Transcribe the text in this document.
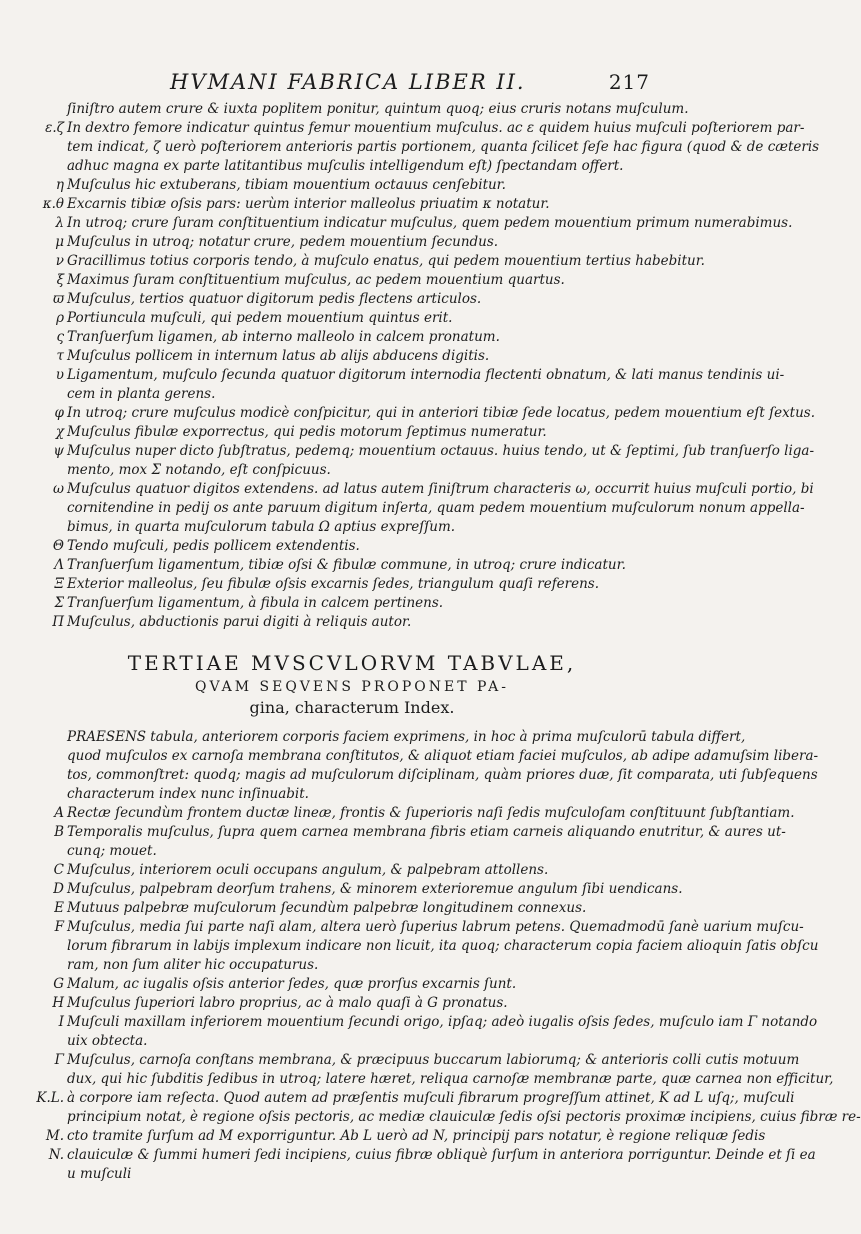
HVMANI FABRICA LIBER II.	217
ſiniſtro autem crure & iuxta poplitem ponitur, quintum quoq; eius cruris notans muſculum.
ε.ζ In dextro femore indicatur quintus femur mouentium muſculus. ac ε quidem huius muſculi poſteriorem par-
tem indicat, ζ uerò poſteriorem anterioris partis portionem, quanta ſcilicet ſeſe hac figura (quod & de cæteris
adhuc magna ex parte latitantibus muſculis intelligendum eſt) ſpectandam offert.
η Muſculus hic extuberans, tibiam mouentium octauus cenſebitur.
κ.θ Excarnis tibiæ oſsis pars: uerùm interior malleolus priuatim κ notatur.
λ In utroq; crure ſuram conſtituentium indicatur muſculus, quem pedem mouentium primum numerabimus.
μ Muſculus in utroq; notatur crure, pedem mouentium ſecundus.
ν Gracillimus totius corporis tendo, à muſculo enatus, qui pedem mouentium tertius habebitur.
ξ Maximus ſuram conſtituentium muſculus, ac pedem mouentium quartus.
ϖ Muſculus, tertios quatuor digitorum pedis flectens articulos.
ρ Portiuncula muſculi, qui pedem mouentium quintus erit.
ς Tranſuerſum ligamen, ab interno malleolo in calcem pronatum.
τ Muſculus pollicem in internum latus ab alijs abducens digitis.
υ Ligamentum, muſculo ſecunda quatuor digitorum internodia flectenti obnatum, & lati manus tendinis ui-
cem in planta gerens.
φ In utroq; crure muſculus modicè conſpicitur, qui in anteriori tibiæ ſede locatus, pedem mouentium eſt ſextus.
χ Muſculus fibulæ exporrectus, qui pedis motorum ſeptimus numeratur.
ψ Muſculus nuper dicto ſubſtratus, pedemq; mouentium octauus. huius tendo, ut & ſeptimi, ſub tranſuerſo liga-
mento, mox Σ notando, eſt conſpicuus.
ω Muſculus quatuor digitos extendens. ad latus autem ſiniſtrum characteris ω, occurrit huius muſculi portio, bi
cornitendine in pedij os ante paruum digitum inſerta, quam pedem mouentium muſculorum nonum appella-
bimus, in quarta muſculorum tabula Ω aptius expreſſum.
Θ Tendo muſculi, pedis pollicem extendentis.
Λ Tranſuerſum ligamentum, tibiæ oſsi & fibulæ commune, in utroq; crure indicatur.
Ξ Exterior malleolus, ſeu fibulæ oſsis excarnis ſedes, triangulum quaſi referens.
Σ Tranſuerſum ligamentum, à fibula in calcem pertinens.
Π Muſculus, abductionis parui digiti à reliquis autor.
TERTIAE MVSCVLORVM TABVLAE,
QVAM SEQVENS PROPONET PA-
gina, characterum Index.
PRAESENS tabula, anteriorem corporis faciem exprimens, in hoc à prima muſculorū tabula differt,
quod muſculos ex carnoſa membrana conſtitutos, & aliquot etiam faciei muſculos, ab adipe adamuſsim libera-
tos, commonſtret: quodq; magis ad muſculorum diſciplinam, quàm priores duæ, ſit comparata, uti ſubſequens
characterum index nunc inſinuabit.
A Rectæ ſecundùm frontem ductæ lineæ, frontis & ſuperioris naſi ſedis muſculoſam conſtituunt ſubſtantiam.
B Temporalis muſculus, ſupra quem carnea membrana fibris etiam carneis aliquando enutritur, & aures ut-
cunq; mouet.
C Muſculus, interiorem oculi occupans angulum, & palpebram attollens.
D Muſculus, palpebram deorſum trahens, & minorem exterioremue angulum ſibi uendicans.
E Mutuus palpebræ muſculorum ſecundùm palpebræ longitudinem connexus.
F Muſculus, media ſui parte naſi alam, altera uerò ſuperius labrum petens. Quemadmodū ſanè uarium muſcu-
lorum fibrarum in labijs implexum indicare non licuit, ita quoq; characterum copia faciem alioquin ſatis obſcu
ram, non ſum aliter hic occupaturus.
G Malum, ac iugalis oſsis anterior ſedes, quæ prorſus excarnis ſunt.
H Muſculus ſuperiori labro proprius, ac à malo quaſi à G pronatus.
I Muſculi maxillam inferiorem mouentium ſecundi origo, ipſaq; adeò iugalis oſsis ſedes, muſculo iam Γ notando
uix obtecta.
Γ Muſculus, carnoſa conſtans membrana, & præcipuus buccarum labiorumq; & anterioris colli cutis motuum
dux, qui hic ſubditis ſedibus in utroq; latere hæret, reliqua carnoſæ membranæ parte, quæ carnea non efficitur,
K.L. à corpore iam reſecta. Quod autem ad præſentis muſculi fibrarum progreſſum attinet, K ad L uſq;, muſculi
principium notat, è regione oſsis pectoris, ac mediæ clauiculæ ſedis oſsi pectoris proximæ incipiens, cuius fibræ re-
M. cto tramite ſurſum ad M exporriguntur. Ab L uerò ad N, principij pars notatur, è regione reliquæ ſedis
N. clauiculæ & ſummi humeri ſedi incipiens, cuius fibræ obliquè ſurſum in anteriora porriguntur. Deinde et ſi ea
u muſculi
